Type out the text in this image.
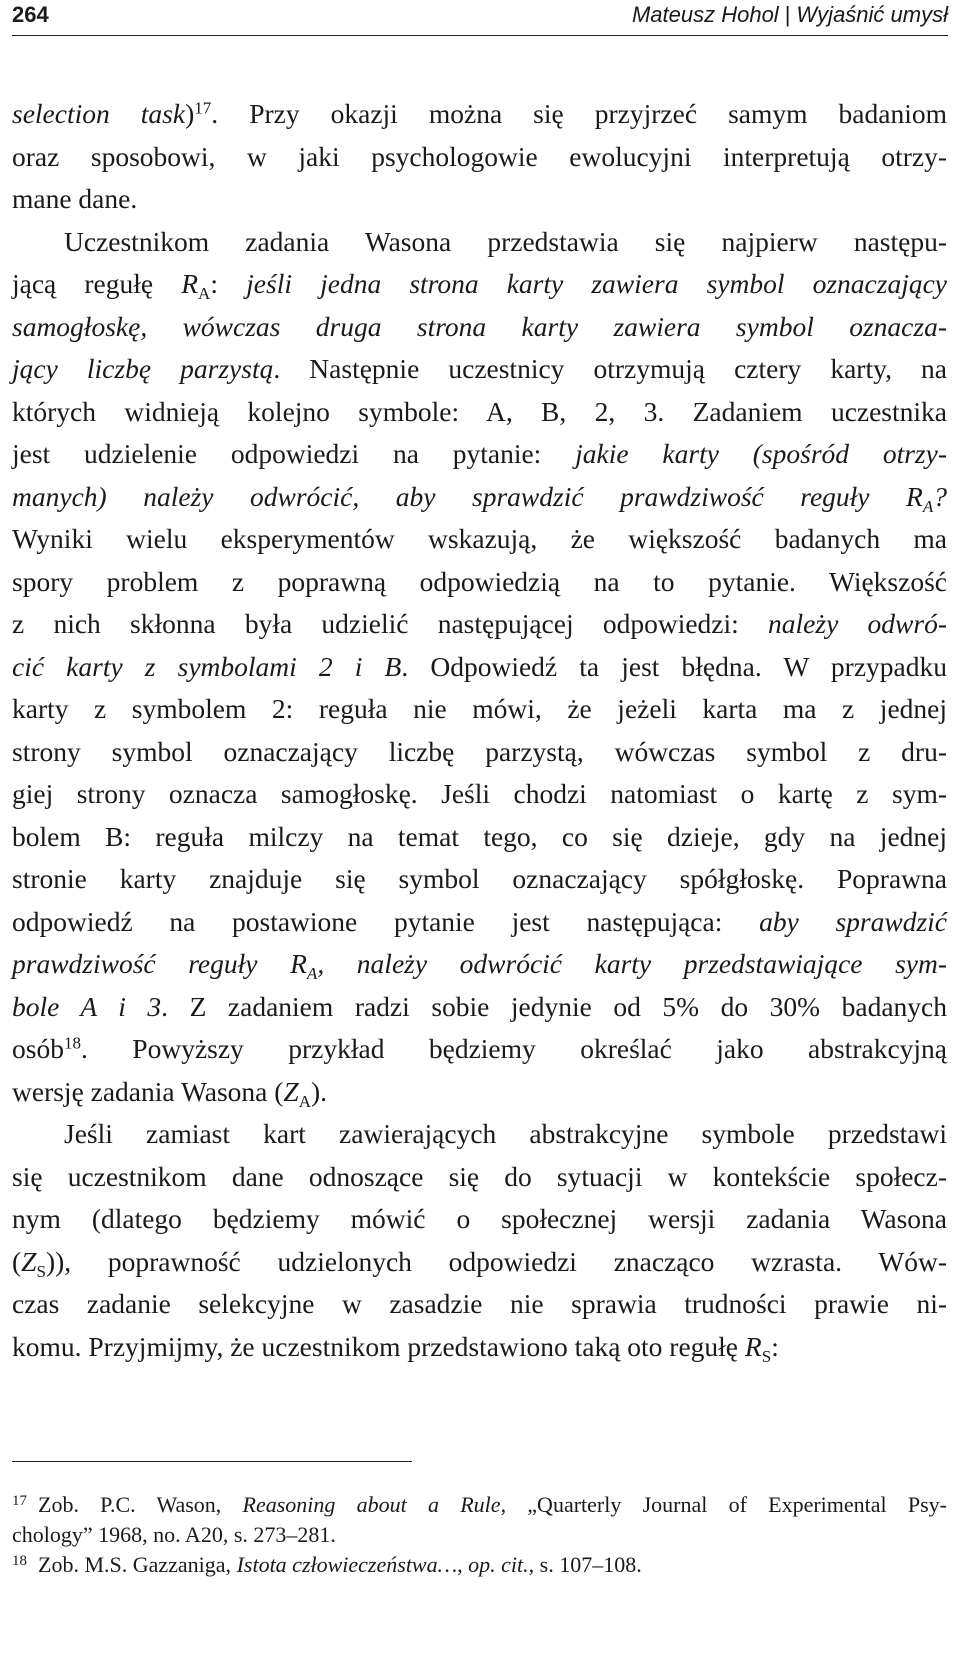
264	Mateusz Hohol | Wyjaśnić umysł
selection task)$^{17}$. Przy okazji można się przyjrzeć samym badaniom
oraz sposobowi, w jaki psychologowie ewolucyjni interpretują otrzy-
mane dane.
Uczestnikom zadania Wasona przedstawia się najpierw następu-
jącą regułę $R_A$: jeśli jedna strona karty zawiera symbol oznaczający
samogłoskę, wówczas druga strona karty zawiera symbol oznacza-
jący liczbę parzystą. Następnie uczestnicy otrzymują cztery karty, na
których widnieją kolejno symbole: A, B, 2, 3. Zadaniem uczestnika
jest udzielenie odpowiedzi na pytanie: jakie karty (spośród otrzy-
manych) należy odwrócić, aby sprawdzić prawdziwość reguły $R_A$?
Wyniki wielu eksperymentów wskazują, że większość badanych ma
spory problem z poprawną odpowiedzią na to pytanie. Większość
z nich skłonna była udzielić następującej odpowiedzi: należy odwró-
cić karty z symbolami 2 i B. Odpowiedź ta jest błędna. W przypadku
karty z symbolem 2: reguła nie mówi, że jeżeli karta ma z jednej
strony symbol oznaczający liczbę parzystą, wówczas symbol z dru-
giej strony oznacza samogłoskę. Jeśli chodzi natomiast o kartę z sym-
bolem B: reguła milczy na temat tego, co się dzieje, gdy na jednej
stronie karty znajduje się symbol oznaczający spółgłoskę. Poprawna
odpowiedź na postawione pytanie jest następująca: aby sprawdzić
prawdziwość reguły $R_A$, należy odwrócić karty przedstawiające sym-
bole A i 3. Z zadaniem radzi sobie jedynie od 5% do 30% badanych
osób$^{18}$. Powyższy przykład będziemy określać jako abstrakcyjną
wersję zadania Wasona $(Z_A)$.
Jeśli zamiast kart zawierających abstrakcyjne symbole przedstawi
się uczestnikom dane odnoszące się do sytuacji w kontekście społecz-
nym (dlatego będziemy mówić o społecznej wersji zadania Wasona
$(Z_S)$), poprawność udzielonych odpowiedzi znacząco wzrasta. Wów-
czas zadanie selekcyjne w zasadzie nie sprawia trudności prawie ni-
komu. Przyjmijmy, że uczestnikom przedstawiono taką oto regułę $R_S$:
17 Zob. P.C. Wason, Reasoning about a Rule, „Quarterly Journal of Experimental Psy-
chology” 1968, no. A20, s. 273–281.
18 Zob. M.S. Gazzaniga, Istota człowieczeństwa…, op. cit., s. 107–108.
